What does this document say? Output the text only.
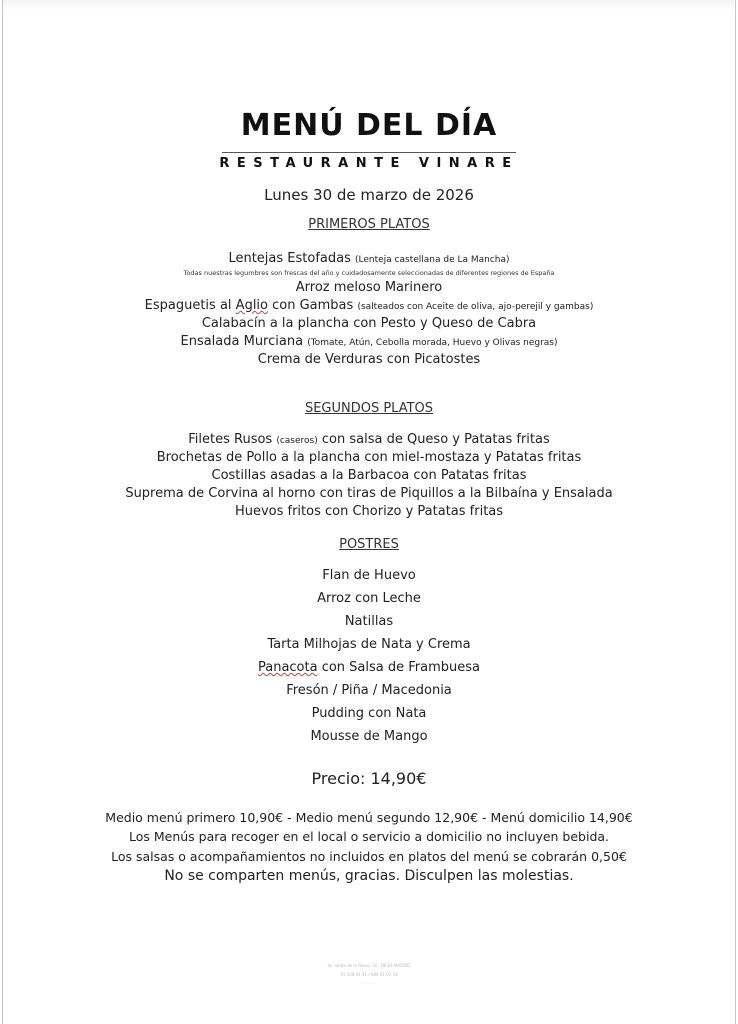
MENÚ DEL DÍA
RESTAURANTE VINARE
Lunes 30 de marzo de 2026
PRIMEROS PLATOS
Lentejas Estofadas (Lenteja castellana de La Mancha)
Todas nuestras legumbres son frescas del año y cuidadosamente seleccionadas de diferentes regiones de España
Arroz meloso Marinero
Espaguetis al Aglio con Gambas (salteados con Aceite de oliva, ajo-perejil y gambas)
Calabacín a la plancha con Pesto y Queso de Cabra
Ensalada Murciana (Tomate, Atún, Cebolla morada, Huevo y Olivas negras)
Crema de Verduras con Picatostes
SEGUNDOS PLATOS
Filetes Rusos (caseros) con salsa de Queso y Patatas fritas
Brochetas de Pollo a la plancha con miel-mostaza y Patatas fritas
Costillas asadas a la Barbacoa con Patatas fritas
Suprema de Corvina al horno con tiras de Piquillos a la Bilbaína y Ensalada
Huevos fritos con Chorizo y Patatas fritas
POSTRES
Flan de Huevo
Arroz con Leche
Natillas
Tarta Milhojas de Nata y Crema
Panacota con Salsa de Frambuesa
Fresón / Piña / Macedonia
Pudding con Nata
Mousse de Mango
Precio: 14,90€
Medio menú primero 10,90€ - Medio menú segundo 12,90€ - Menú domicilio 14,90€
Los Menús para recoger en el local o servicio a domicilio no incluyen bebida.
Los salsas o acompañamientos no incluidos en platos del menú se cobrarán 0,50€
No se comparten menús, gracias. Disculpen las molestias.
Av. ienda de la Paseo, 50, 28004 MADRID
91 508 44 41 / 686 01 03 16
· · · · ·
